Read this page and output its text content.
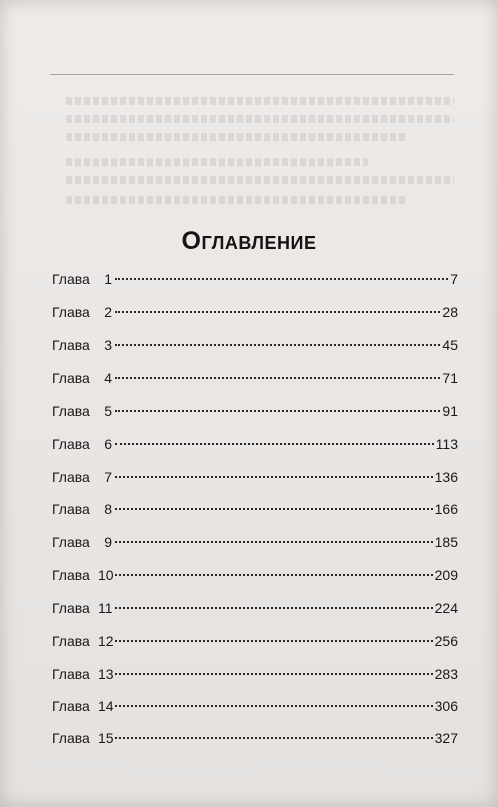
Оглавление
Глава 1	7
Глава 2	28
Глава 3	45
Глава 4	71
Глава 5	91
Глава 6	113
Глава 7	136
Глава 8	166
Глава 9	185
Глава 10	209
Глава 11	224
Глава 12	256
Глава 13	283
Глава 14	306
Глава 15	327
